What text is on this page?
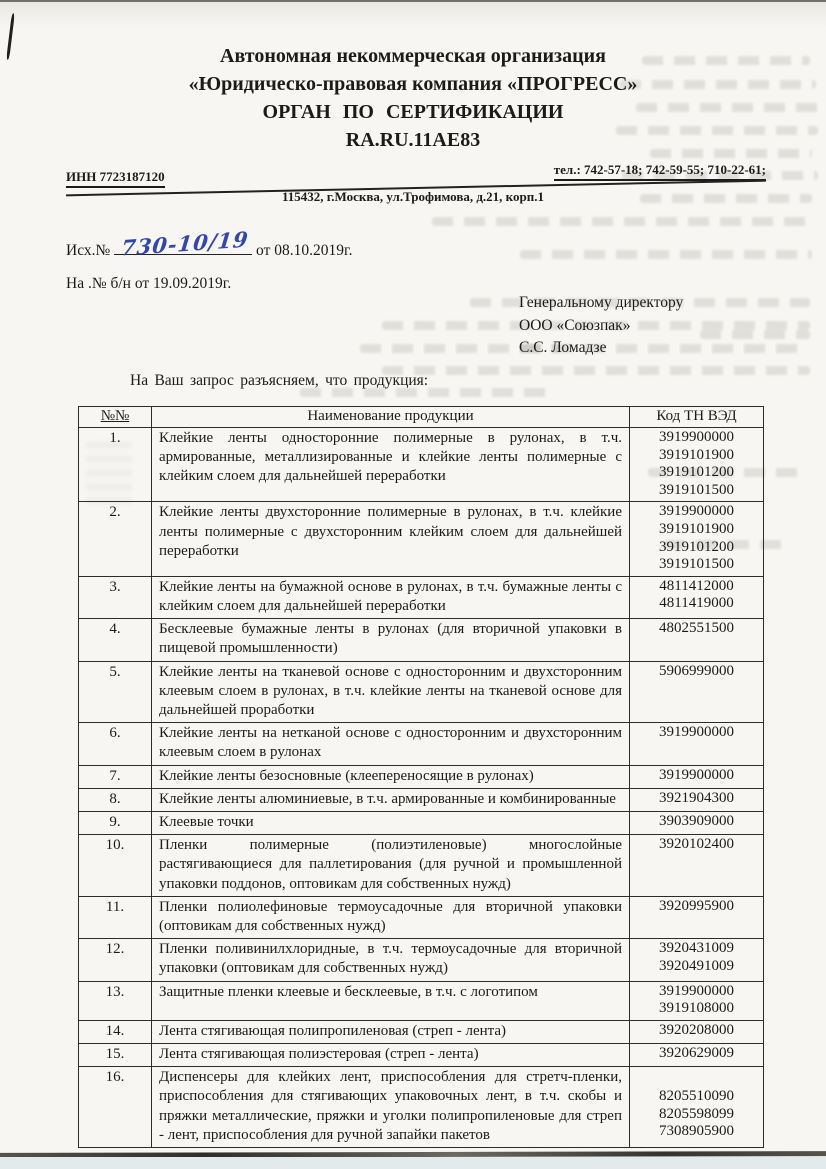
Автономная некоммерческая организация
«Юридическо-правовая компания «ПРОГРЕСС»
ОРГАН ПО СЕРТИФИКАЦИИ
RA.RU.11АЕ83
тел.: 742-57-18; 742-59-55; 710-22-61;
ИНН 7723187120
115432, г.Москва, ул.Трофимова, д.21, корп.1
Исх.№ 730-10/19 от 08.10.2019г.
На .№ б/н от 19.09.2019г.
Генеральному директору
ООО «Союзпак»
С.С. Ломадзе
На Ваш запрос разъясняем, что продукция:
№№	Наименование продукции	Код ТН ВЭД
1.	Клейкие ленты односторонние полимерные в рулонах, в т.ч. армированные, металлизированные и клейкие ленты полимерные с клейким слоем для дальнейшей переработки	3919900000
3919101900
3919101200
3919101500

2.	Клейкие ленты двухсторонние полимерные в рулонах, в т.ч. клейкие ленты полимерные с двухсторонним клейким слоем для дальнейшей переработки	3919900000
3919101900
3919101200
3919101500

3.	Клейкие ленты на бумажной основе в рулонах, в т.ч. бумажные ленты с клейким слоем для дальнейшей переработки	4811412000
4811419000

4.	Бесклеевые бумажные ленты в рулонах (для вторичной упаковки в пищевой промышленности)	4802551500

5.	Клейкие ленты на тканевой основе с односторонним и двухсторонним клеевым слоем в рулонах, в т.ч. клейкие ленты на тканевой основе для дальнейшей проработки	5906999000

6.	Клейкие ленты на нетканой основе с односторонним и двухсторонним клеевым слоем в рулонах	3919900000

7.	Клейкие ленты безосновные (клеепереносящие в рулонах)	3919900000

8.	Клейкие ленты алюминиевые, в т.ч. армированные и комбинированные	3921904300

9.	Клеевые точки	3903909000

10.	Пленки полимерные (полиэтиленовые) многослойные растягивающиеся для паллетирования (для ручной и промышленной упаковки поддонов, оптовикам для собственных нужд)	3920102400

11.	Пленки полиолефиновые термоусадочные для вторичной упаковки (оптовикам для собственных нужд)	3920995900

12.	Пленки поливинилхлоридные, в т.ч. термоусадочные для вторичной упаковки (оптовикам для собственных нужд)	3920431009
3920491009

13.	Защитные пленки клеевые и бесклеевые, в т.ч. с логотипом	3919900000
3919108000

14.	Лента стягивающая полипропиленовая (стреп - лента)	3920208000

15.	Лента стягивающая полиэстеровая (стреп - лента)	3920629009

16.	Диспенсеры для клейких лент, приспособления для стретч-пленки, приспособления для стягивающих упаковочных лент, в т.ч. скобы и пряжки металлические, пряжки и уголки полипропиленовые для стреп - лент, приспособления для ручной запайки пакетов	
8205510090
8205598099
7308905900
